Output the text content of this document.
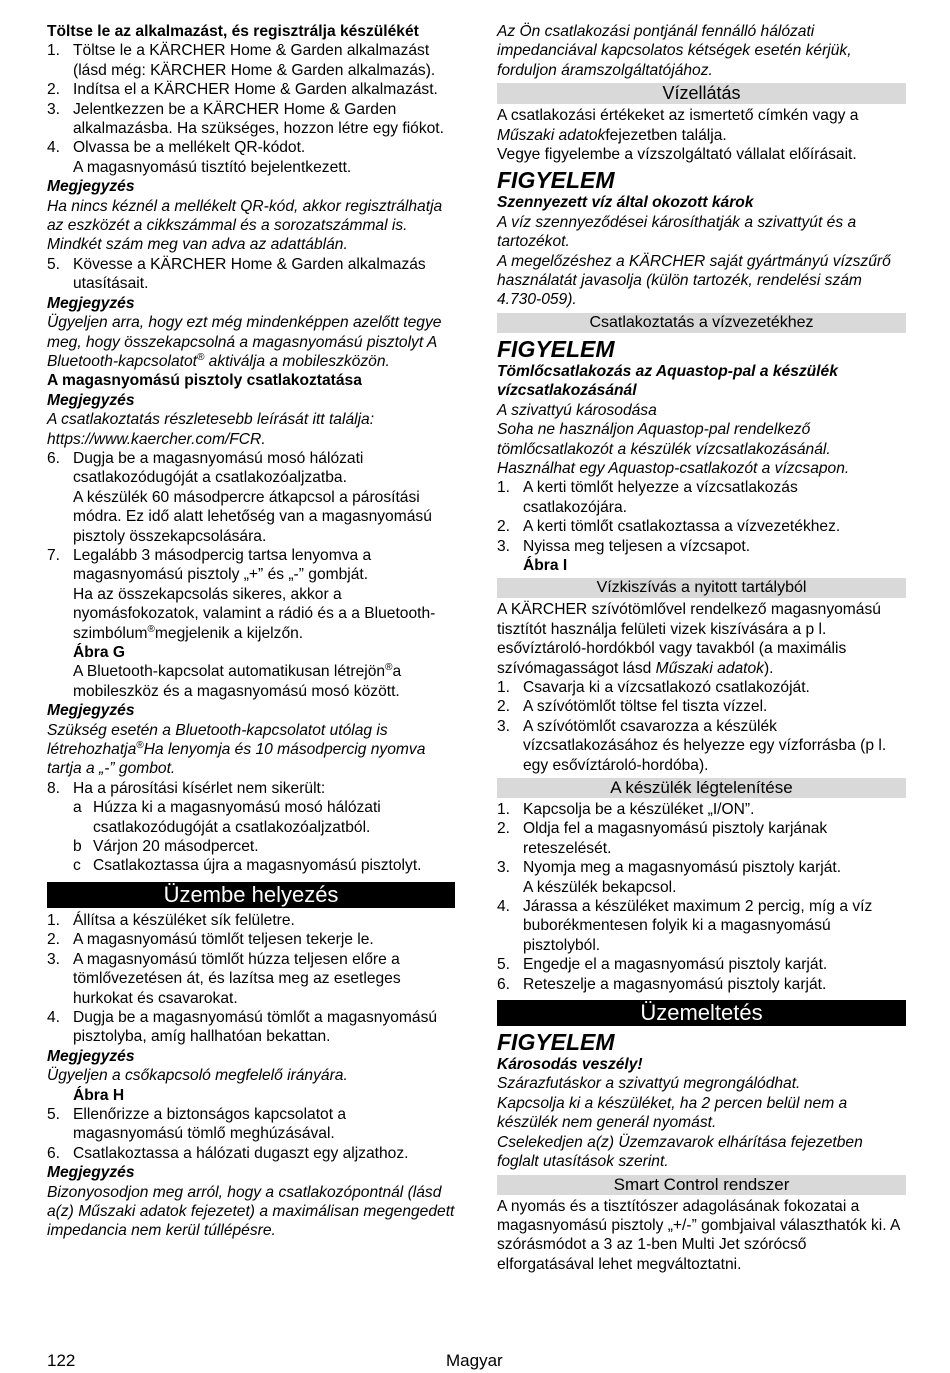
Töltse le az alkalmazást, és regisztrálja készülékét

1. Töltse le a KÄRCHER Home & Garden alkalmazást (lásd még: KÄRCHER Home & Garden alkalmazás).
2. Indítsa el a KÄRCHER Home & Garden alkalmazást.
3. Jelentkezzen be a KÄRCHER Home & Garden alkalmazásba. Ha szükséges, hozzon létre egy fiókot.
4. Olvassa be a mellékelt QR-kódot.

A magasnyomású tisztító bejelentkezett.

Megjegyzés

Ha nincs kéznél a mellékelt QR-kód, akkor regisztrálhatja az eszközét a cikkszámmal és a sorozatszámmal is. Mindkét szám meg van adva az adattáblán.

5. Kövesse a KÄRCHER Home & Garden alkalmazás utasításait.

Megjegyzés

Ügyeljen arra, hogy ezt még mindenképpen azelőtt tegye meg, hogy összekapcsolná a magasnyomású pisztolyt A Bluetooth-kapcsolatot® aktiválja a mobileszközön.

A magasnyomású pisztoly csatlakoztatása

Megjegyzés

A csatlakoztatás részletesebb leírását itt találja: https://www.kaercher.com/FCR.

6. Dugja be a magasnyomású mosó hálózati csatlakozódugóját a csatlakozóaljzatba.

A készülék 60 másodpercre átkapcsol a párosítási módra. Ez idő alatt lehetőség van a magasnyomású pisztoly összekapcsolására.

7. Legalább 3 másodpercig tartsa lenyomva a magasnyomású pisztoly „+” és „-” gombját.

Ha az összekapcsolás sikeres, akkor a nyomásfokozatok, valamint a rádió és a a Bluetooth-szimbólum®megjelenik a kijelzőn.

Ábra G

A Bluetooth-kapcsolat automatikusan létrejön®a mobileszköz és a magasnyomású mosó között.

Megjegyzés

Szükség esetén a Bluetooth-kapcsolatot utólag is létrehozhatja®Ha lenyomja és 10 másodpercig nyomva tartja a „-” gombot.

8. Ha a párosítási kísérlet nem sikerült:
a Húzza ki a magasnyomású mosó hálózati csatlakozódugóját a csatlakozóaljzatból.
b Várjon 20 másodpercet.
c Csatlakoztassa újra a magasnyomású pisztolyt.
Üzembe helyezés
1. Állítsa a készüléket sík felületre.
2. A magasnyomású tömlőt teljesen tekerje le.
3. A magasnyomású tömlőt húzza teljesen előre a tömlővezetésen át, és lazítsa meg az esetleges hurkokat és csavarokat.
4. Dugja be a magasnyomású tömlőt a magasnyomású pisztolyba, amíg hallhatóan bekattan.

Megjegyzés

Ügyeljen a csőkapcsoló megfelelő irányára.

Ábra H

5. Ellenőrizze a biztonságos kapcsolatot a magasnyomású tömlő meghúzásával.
6. Csatlakoztassa a hálózati dugaszt egy aljzathoz.

Megjegyzés

Bizonyosodjon meg arról, hogy a csatlakozópontnál (lásd a(z) Műszaki adatok fejezetet) a maximálisan megengedett impedancia nem kerül túllépésre.

Az Ön csatlakozási pontjánál fennálló hálózati impedanciával kapcsolatos kétségek esetén kérjük, forduljon áramszolgáltatójához.

Vízellátás

A csatlakozási értékeket az ismertető címkén vagy a Műszaki adatokfejezetben találja.

Vegye figyelembe a vízszolgáltató vállalat előírásait.

FIGYELEM

Szennyezett víz által okozott károk

A víz szennyeződései károsíthatják a szivattyút és a tartozékot.

A megelőzéshez a KÄRCHER saját gyártmányú vízszűrő használatát javasolja (külön tartozék, rendelési szám 4.730-059).

Csatlakoztatás a vízvezetékhez
FIGYELEM

Tömlőcsatlakozás az Aquastop-pal a készülék vízcsatlakozásánál

A szivattyú károsodása

Soha ne használjon Aquastop-pal rendelkező tömlőcsatlakozót a készülék vízcsatlakozásánál.

Használhat egy Aquastop-csatlakozót a vízcsapon.

1. A kerti tömlőt helyezze a vízcsatlakozás csatlakozójára.
2. A kerti tömlőt csatlakoztassa a vízvezetékhez.
3. Nyissa meg teljesen a vízcsapot.

Ábra I

Vízkiszívás a nyitott tartályból

A KÄRCHER szívótömlővel rendelkező magasnyomású tisztítót használja felületi vizek kiszívására a p l. esővíztároló-hordókból vagy tavakból (a maximális szívómagasságot lásd Műszaki adatok).

1. Csavarja ki a vízcsatlakozó csatlakozóját.
2. A szívótömlőt töltse fel tiszta vízzel.
3. A szívótömlőt csavarozza a készülék vízcsatlakozásához és helyezze egy vízforrásba (p l. egy esővíztároló-hordóba).
A készülék légtelenítése
1. Kapcsolja be a készüléket „I/ON”.
2. Oldja fel a magasnyomású pisztoly karjának reteszelését.
3. Nyomja meg a magasnyomású pisztoly karját.

A készülék bekapcsol.

4. Járassa a készüléket maximum 2 percig, míg a víz buborékmentesen folyik ki a magasnyomású pisztolyból.
5. Engedje el a magasnyomású pisztoly karját.
6. Reteszelje a magasnyomású pisztoly karját.
Üzemeltetés
FIGYELEM

Károsodás veszély!

Szárazfutáskor a szivattyú megrongálódhat.

Kapcsolja ki a készüléket, ha 2 percen belül nem a készülék nem generál nyomást.

Cselekedjen a(z) Üzemzavarok elhárítása fejezetben foglalt utasítások szerint.

Smart Control rendszer

A nyomás és a tisztítószer adagolásának fokozatai a magasnyomású pisztoly „+/-” gombjaival választhatók ki. A szórásmódot a 3 az 1-ben Multi Jet szórócső elforgatásával lehet megváltoztatni.

122	Magyar
